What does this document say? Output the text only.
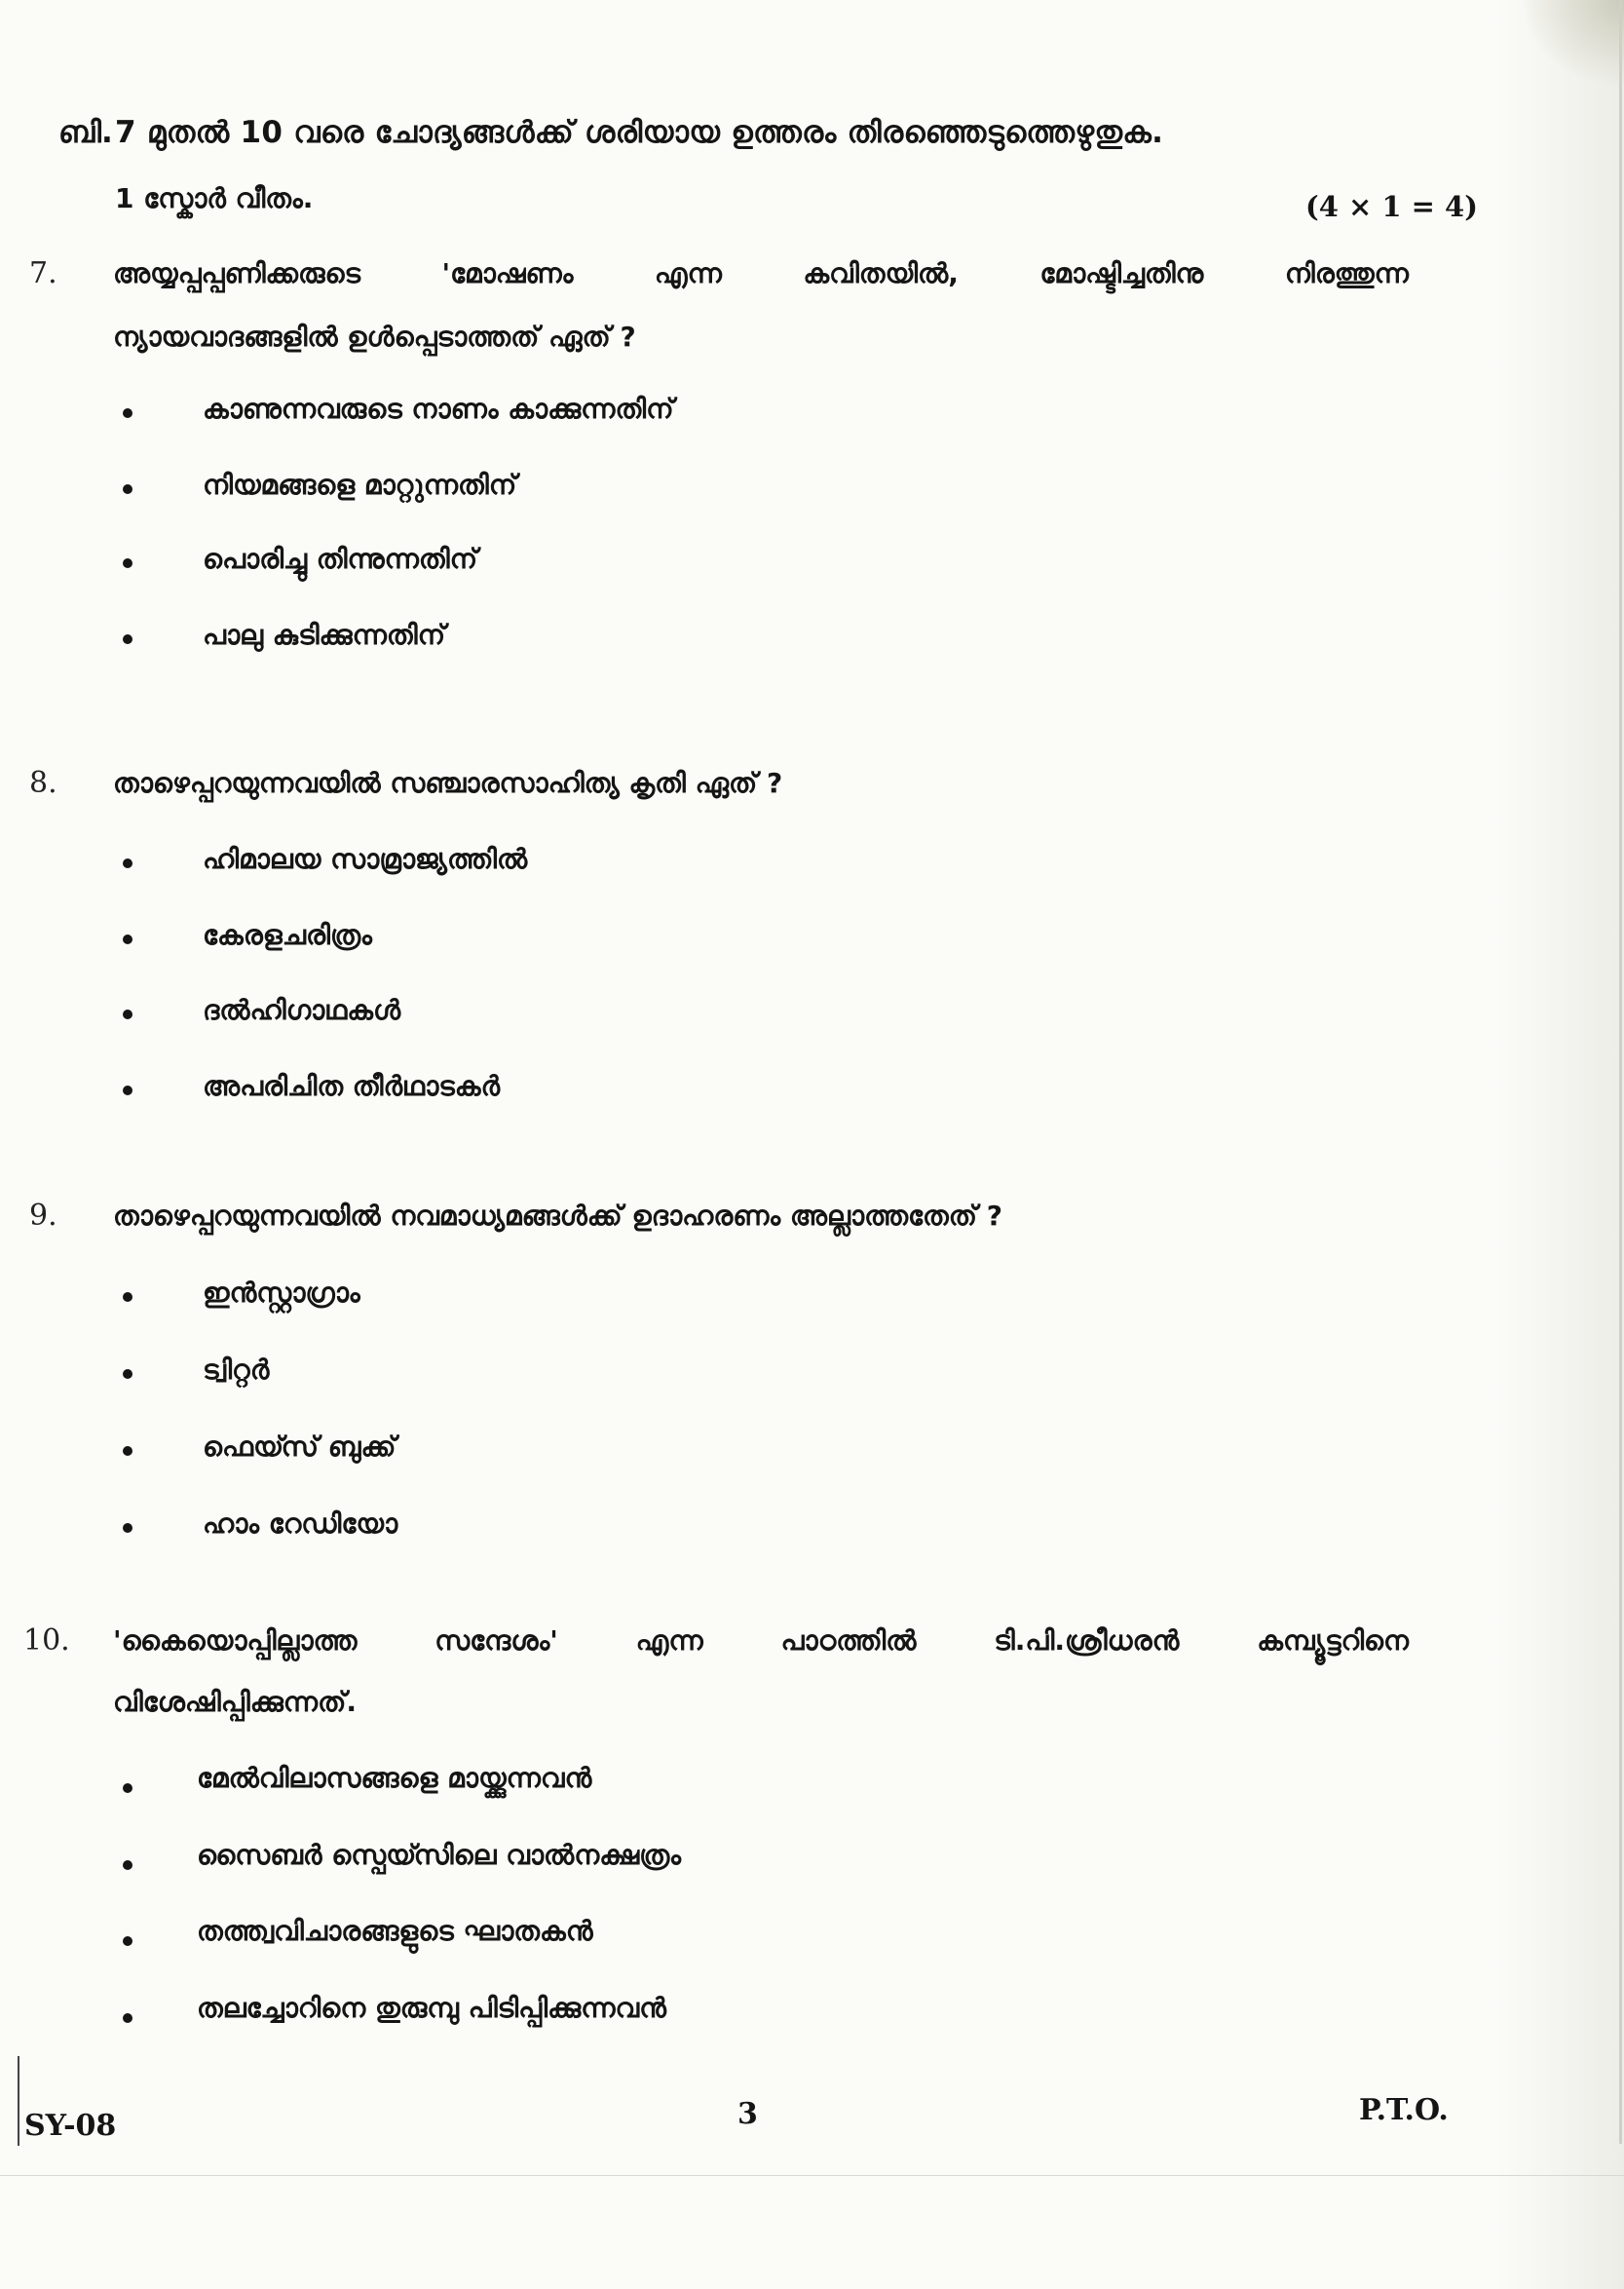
ബി. 7 മുതൽ 10 വരെ ചോദ്യങ്ങൾക്ക് ശരിയായ ഉത്തരം തിരഞ്ഞെടുത്തെഴുതുക.
1 സ്കോർ വീതം.	(4 × 1 = 4)
7. അയ്യപ്പപ്പണിക്കരുടെ 'മോഷണം എന്ന കവിതയിൽ, മോഷ്ടിച്ചതിനു നിരത്തുന്ന
ന്യായവാദങ്ങളിൽ ഉൾപ്പെടാത്തത് ഏത് ?
കാണുന്നവരുടെ നാണം കാക്കുന്നതിന്
നിയമങ്ങളെ മാറ്റുന്നതിന്
പൊരിച്ചു തിന്നുന്നതിന്
പാലു കുടിക്കുന്നതിന്
8. താഴെപ്പറയുന്നവയിൽ സഞ്ചാരസാഹിത്യ കൃതി ഏത് ?
ഹിമാലയ സാമ്രാജ്യത്തിൽ
കേരളചരിത്രം
ദൽഹിഗാഥകൾ
അപരിചിത തീർഥാടകർ
9. താഴെപ്പറയുന്നവയിൽ നവമാധ്യമങ്ങൾക്ക് ഉദാഹരണം അല്ലാത്തതേത് ?
ഇൻസ്റ്റാഗ്രാം
ട്വിറ്റർ
ഫെയ്സ് ബുക്ക്
ഹാം റേഡിയോ
10. 'കൈയൊപ്പില്ലാത്ത സന്ദേശം' എന്ന പാഠത്തിൽ ടി.പി.ശ്രീധരൻ കമ്പ്യൂട്ടറിനെ
വിശേഷിപ്പിക്കുന്നത്.
മേൽവിലാസങ്ങളെ മായ്ക്കുന്നവൻ
സൈബർ സ്പെയ്സിലെ വാൽനക്ഷത്രം
തത്ത്വവിചാരങ്ങളുടെ ഘാതകൻ
തലച്ചോറിനെ തുരുമ്പു പിടിപ്പിക്കുന്നവൻ
SY-08	3	P.T.O.
